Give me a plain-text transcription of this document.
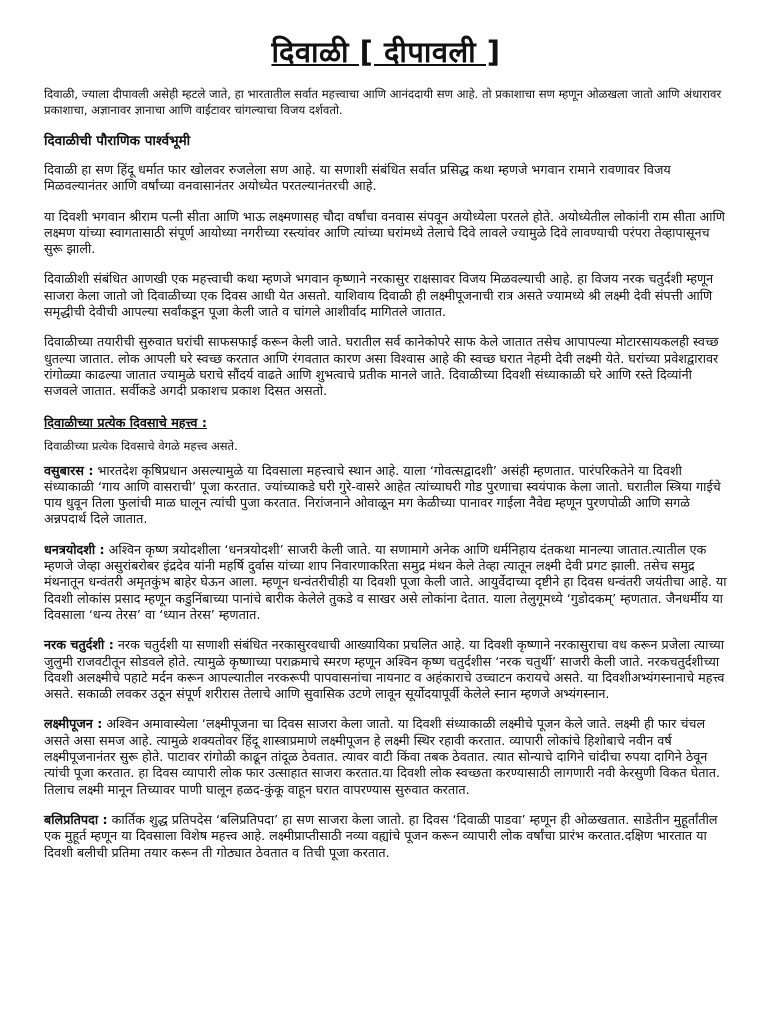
दिवाळी [ दीपावली ]

दिवाळी, ज्याला दीपावली असेही म्हटले जाते, हा भारतातील सर्वात महत्त्वाचा आणि आनंददायी सण आहे. तो प्रकाशाचा सण म्हणून ओळखला जातो आणि अंधारावर प्रकाशाचा, अज्ञानावर ज्ञानाचा आणि वाईटावर चांगल्याचा विजय दर्शवतो.

दिवाळीची पौराणिक पार्श्वभूमी

दिवाळी हा सण हिंदू धर्मात फार खोलवर रुजलेला सण आहे. या सणाशी संबंधित सर्वात प्रसिद्ध कथा म्हणजे भगवान रामाने रावणावर विजय मिळवल्यानंतर आणि वर्षांच्या वनवासानंतर अयोध्येत परतल्यानंतरची आहे.

या दिवशी भगवान श्रीराम पत्नी सीता आणि भाऊ लक्ष्मणासह चौदा वर्षांचा वनवास संपवून अयोध्येला परतले होते. अयोध्येतील लोकांनी राम सीता आणि लक्ष्मण यांच्या स्वागतासाठी संपूर्ण आयोध्या नगरीच्या रस्त्यांवर आणि त्यांच्या घरांमध्ये तेलाचे दिवे लावले ज्यामुळे दिवे लावण्याची परंपरा तेव्हापासूनच सुरू झाली.

दिवाळीशी संबंधित आणखी एक महत्त्वाची कथा म्हणजे भगवान कृष्णाने नरकासुर राक्षसावर विजय मिळवल्याची आहे. हा विजय नरक चतुर्दशी म्हणून साजरा केला जातो जो दिवाळीच्या एक दिवस आधी येत असतो. याशिवाय दिवाळी ही लक्ष्मीपूजनाची रात्र असते ज्यामध्ये श्री लक्ष्मी देवी संपत्ती आणि समृद्धीची देवीची आपल्या सर्वांकडून पूजा केली जाते व चांगले आशीर्वाद मागितले जातात.

दिवाळीच्या तयारीची सुरुवात घरांची साफसफाई करून केली जाते. घरातील सर्व कानेकोपरे साफ केले जातात तसेच आपापल्या मोटारसायकलही स्वच्छ धुतल्या जातात. लोक आपली घरे स्वच्छ करतात आणि रंगवतात कारण असा विश्वास आहे की स्वच्छ घरात नेहमी देवी लक्ष्मी येते. घरांच्या प्रवेशद्वारावर रांगोळ्या काढल्या जातात ज्यामुळे घराचे सौंदर्य वाढते आणि शुभत्वाचे प्रतीक मानले जाते. दिवाळीच्या दिवशी संध्याकाळी घरे आणि रस्ते दिव्यांनी सजवले जातात. सर्वीकडे अगदी प्रकाशच प्रकाश दिसत असतो.

दिवाळीच्या प्रत्येक दिवसाचे महत्त्व :

दिवाळीच्या प्रत्येक दिवसाचे वेगळे महत्त्व असते.

वसुबारस : भारतदेश कृषिप्रधान असल्यामुळे या दिवसाला महत्त्वाचे स्थान आहे. याला ‘गोवत्सद्वादशी’ असंही म्हणतात. पारंपरिकतेने या दिवशी संध्याकाळी ‘गाय आणि वासराची’ पूजा करतात. ज्यांच्याकडे घरी गुरे-वासरे आहेत त्यांच्याघरी गोड पुरणाचा स्वयंपाक केला जातो. घरातील स्त्रिया गाईचे पाय धुवून तिला फुलांची माळ घालून त्यांची पुजा करतात. निरांजनाने ओवाळून मग केळीच्या पानावर गाईला नैवेद्य म्हणून पुरणपोळी आणि सगळे अन्नपदार्थ दिले जातात.

धनत्रयोदशी : अश्विन कृष्ण त्रयोदशीला ‘धनत्रयोदशी’ साजरी केली जाते. या सणामागे अनेक आणि धर्मनिहाय दंतकथा मानल्या जातात.त्यातील एक म्हणजे जेव्हा असुरांबरोबर इंद्रदेव यांनी महर्षि दुर्वास यांच्या शाप निवारणाकरिता समुद्र मंथन केले तेव्हा त्यातून लक्ष्मी देवी प्रगट झाली. तसेच समुद्र मंथनातून धन्वंतरी अमृतकुंभ बाहेर घेऊन आला. म्हणून धन्वंतरीचीही या दिवशी पूजा केली जाते. आयुर्वेदाच्या दृष्टीने हा दिवस धन्वंतरी जयंतीचा आहे. या दिवशी लोकांस प्रसाद म्हणून कडुनिंबाच्या पानांचे बारीक केलेले तुकडे व साखर असे लोकांना देतात. याला तेलुगूमध्ये ‘गुडोदकम्’ म्हणतात. जैनधर्मीय या दिवसाला ‘धन्य तेरस’ वा ‘ध्यान तेरस’ म्हणतात.

नरक चतुर्दशी : नरक चतुर्दशी या सणाशी संबंधित नरकासुरवधाची आख्यायिका प्रचलित आहे. या दिवशी कृष्णाने नरकासुराचा वध करून प्रजेला त्याच्या जुलुमी राजवटीतून सोडवले होते. त्यामुळे कृष्णाच्या पराक्रमाचे स्मरण म्हणून अश्विन कृष्ण चतुर्दशीस ‘नरक चतुर्थी’ साजरी केली जाते. नरकचतुर्दशीच्या दिवशी अलक्ष्मीचे पहाटे मर्दन करून आपल्यातील नरकरूपी पापवासनांचा नायनाट व अहंकाराचे उच्चाटन करायचे असते. या दिवशीअभ्यंगस्नानाचे महत्त्व असते. सकाळी लवकर उठून संपूर्ण शरीरास तेलाचे आणि सुवासिक उटणे लावून सूर्योदयापूर्वी केलेले स्नान म्हणजे अभ्यंगस्नान.

लक्ष्मीपूजन : अश्विन अमावास्येला ‘लक्ष्मीपूजना चा दिवस साजरा केला जातो. या दिवशी संध्याकाळी लक्ष्मीचे पूजन केले जाते. लक्ष्मी ही फार चंचल असते असा समज आहे. त्यामुळे शक्यतोवर हिंदू शास्त्राप्रमाणे लक्ष्मीपूजन हे लक्ष्मी स्थिर रहावी करतात. व्यापारी लोकांचे हिशोबाचे नवीन वर्ष लक्ष्मीपूजनानंतर सुरू होते. पाटावर रांगोळी काढून तांदूळ ठेवतात. त्यावर वाटी किंवा तबक ठेवतात. त्यात सोन्याचे दागिने चांदीचा रुपया दागिने ठेवून त्यांची पूजा करतात. हा दिवस व्यापारी लोक फार उत्साहात साजरा करतात.या दिवशी लोक स्वच्छता करण्यासाठी लागणारी नवी केरसुणी विकत घेतात. तिलाच लक्ष्मी मानून तिच्यावर पाणी घालून हळद-कुंकू वाहून घरात वापरण्यास सुरुवात करतात.

बलिप्रतिपदा : कार्तिक शुद्ध प्रतिपदेस ‘बलिप्रतिपदा’ हा सण साजरा केला जातो. हा दिवस ‘दिवाळी पाडवा’ म्हणून ही ओळखतात. साडेतीन मुहूर्तांतील एक मुहूर्त म्हणून या दिवसाला विशेष महत्त्व आहे. लक्ष्मीप्राप्तीसाठी नव्या वह्यांचे पूजन करून व्यापारी लोक वर्षांचा प्रारंभ करतात.दक्षिण भारतात या दिवशी बलीची प्रतिमा तयार करून ती गोठ्यात ठेवतात व तिची पूजा करतात.
